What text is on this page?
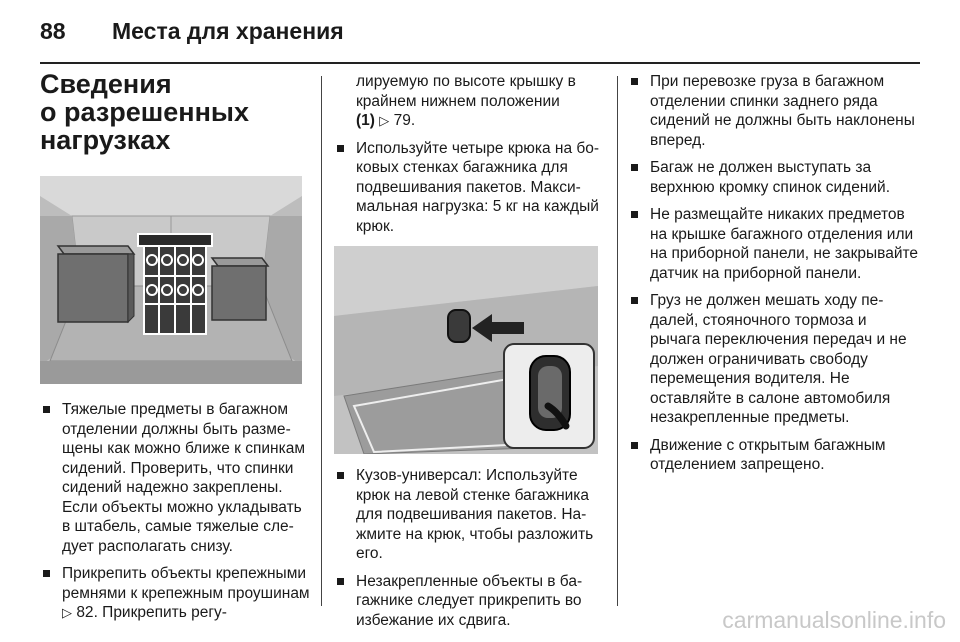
88 Места для хранения
Сведения
о разрешенных
нагрузках
Тяжелые предметы в багажном отделении должны быть размещены как можно ближе к спинкам сидений. Проверить, что спинки сидений надежно закреплены. Если объекты можно укладывать в штабель, самые тяжелые следует располагать снизу.
Прикрепить объекты крепежными ремнями к крепежным проушинам ▷ 82. Прикрепить регу-
лируемую по высоте крышку в крайнем нижнем положении
(1) ▷ 79.
Используйте четыре крюка на боковых стенках багажника для подвешивания пакетов. Максимальная нагрузка: 5 кг на каждый крюк.
Кузов-универсал: Используйте крюк на левой стенке багажника для подвешивания пакетов. Нажмите на крюк, чтобы разложить его.
Незакрепленные объекты в багажнике следует прикрепить во избежание их сдвига.
При перевозке груза в багажном отделении спинки заднего ряда сидений не должны быть наклонены вперед.
Багаж не должен выступать за верхнюю кромку спинок сидений.
Не размещайте никаких предметов на крышке багажного отделения или на приборной панели, не закрывайте датчик на приборной панели.
Груз не должен мешать ходу педалей, стояночного тормоза и рычага переключения передач и не должен ограничивать свободу перемещения водителя. Не оставляйте в салоне автомобиля незакрепленные предметы.
Движение с открытым багажным отделением запрещено.
carmanualsonline.info
